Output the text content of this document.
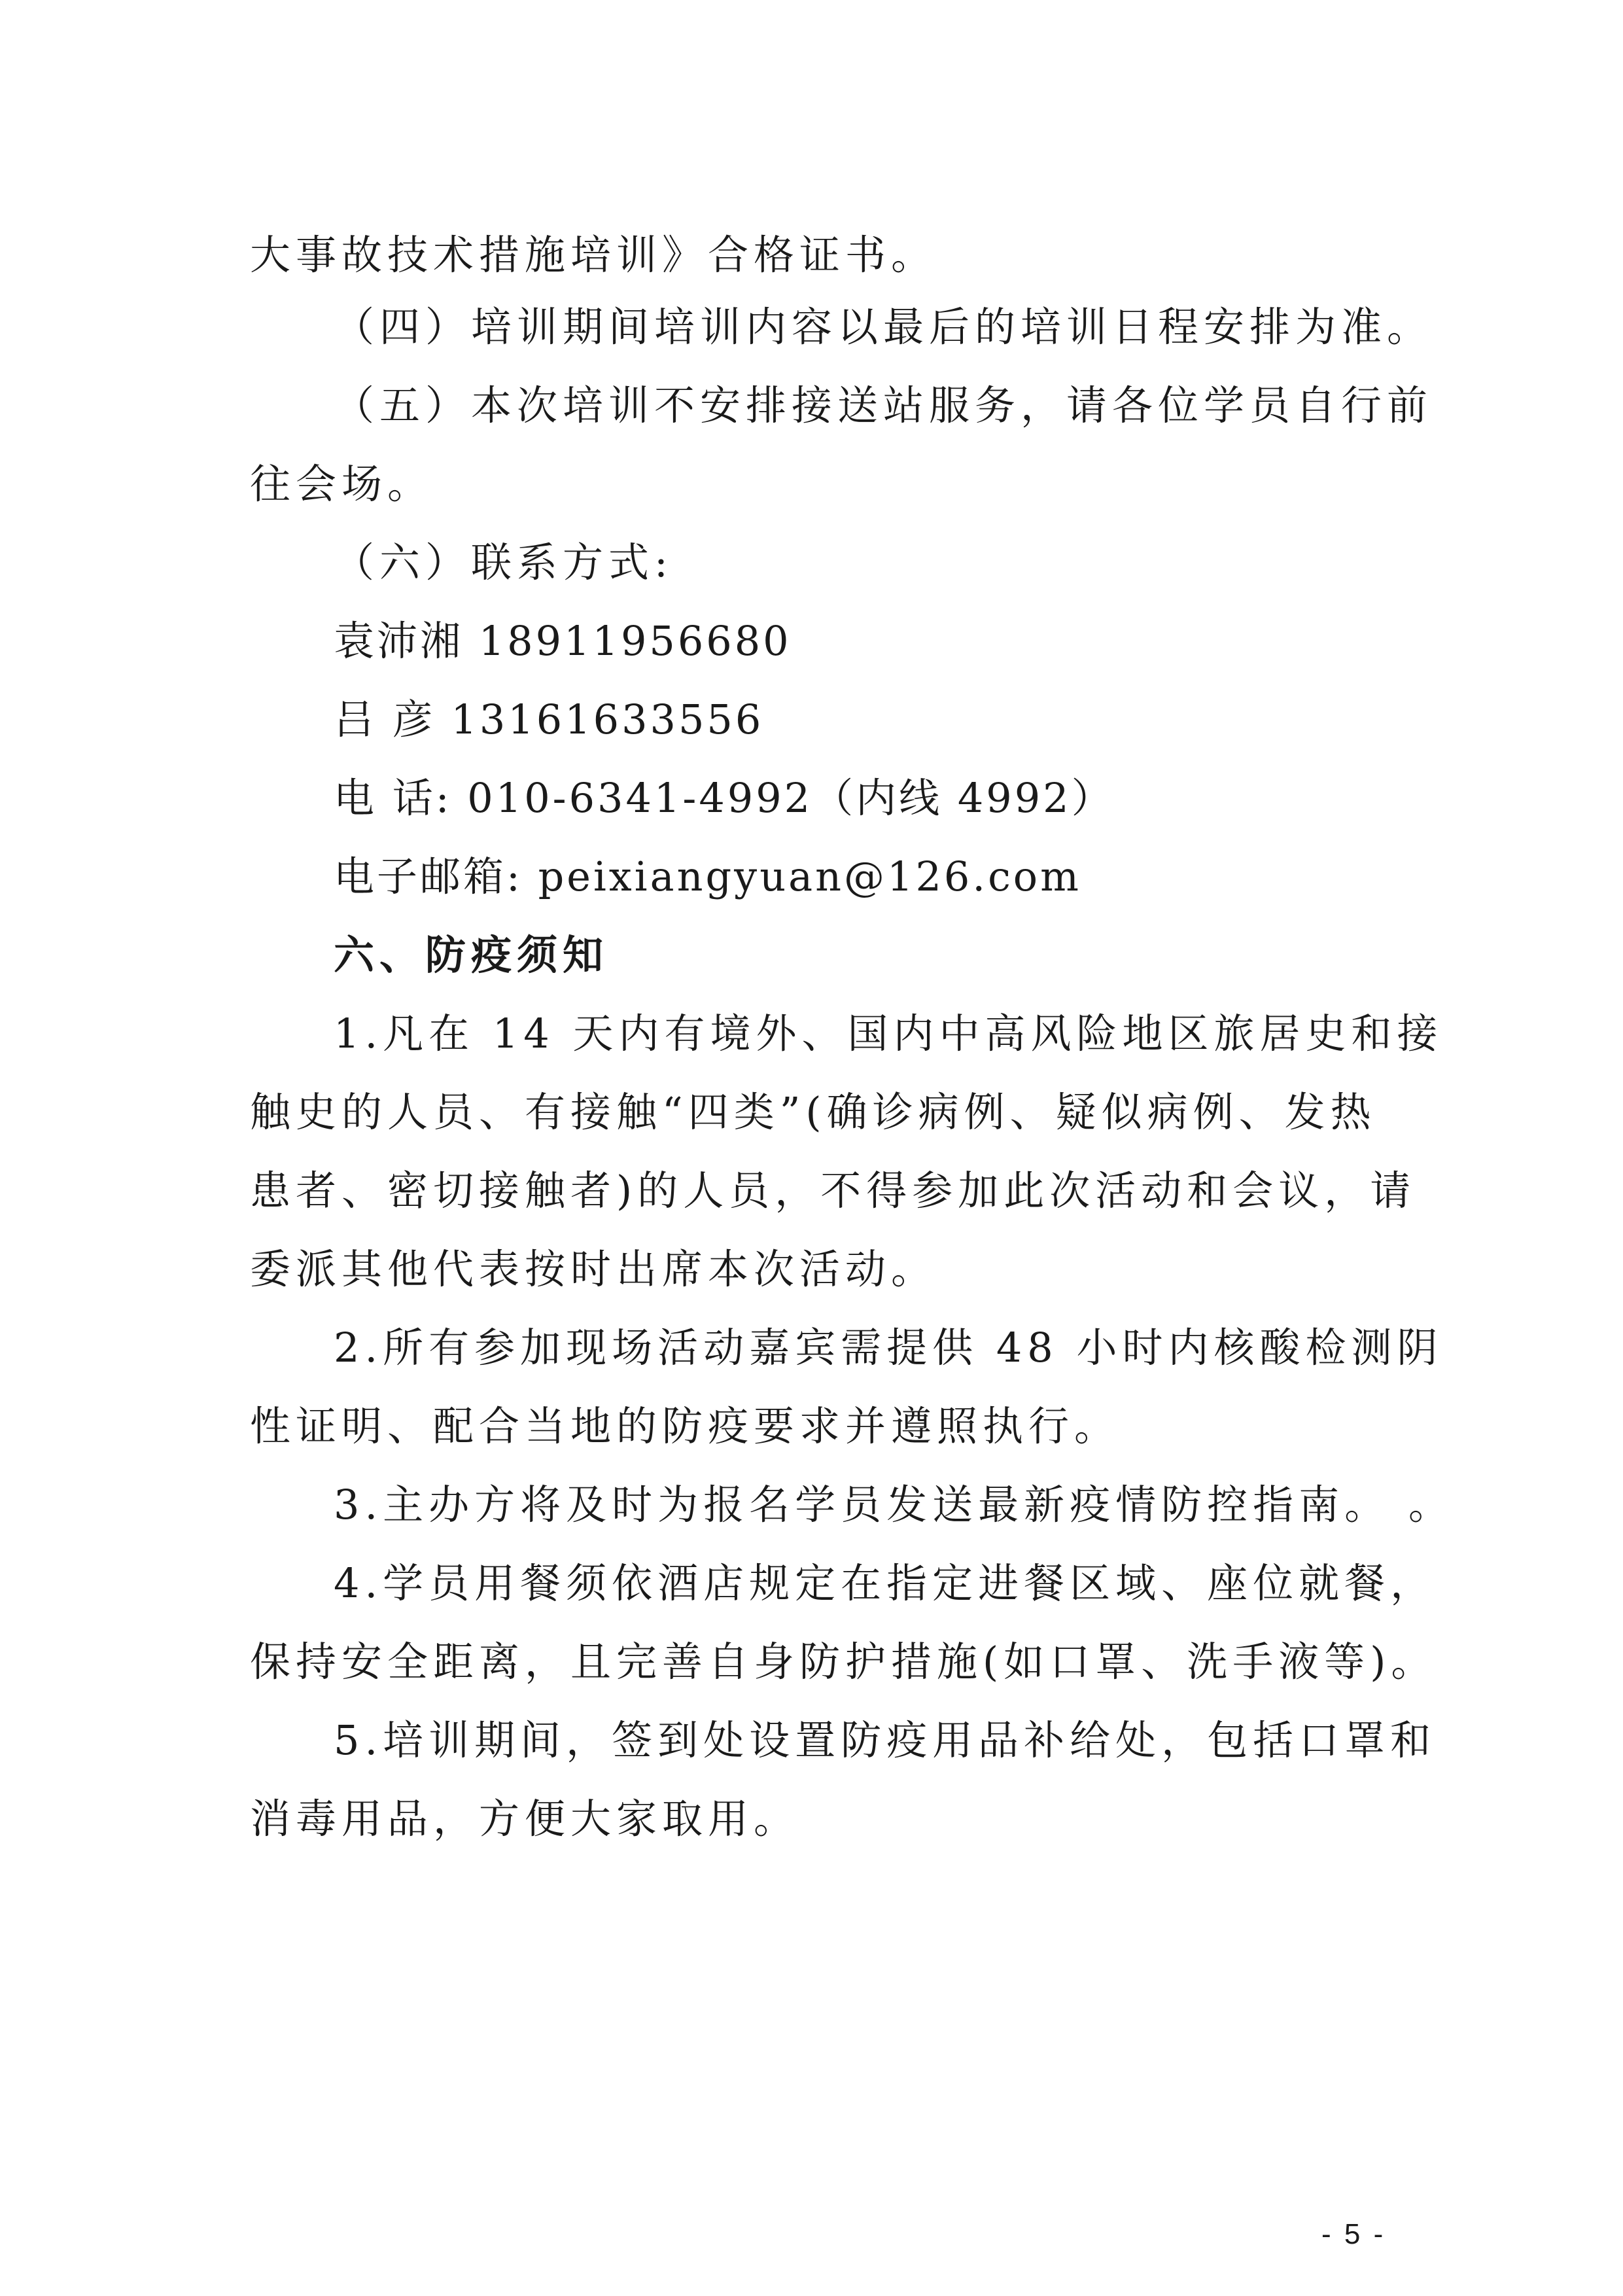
大事故技术措施培训》合格证书。
（四）培训期间培训内容以最后的培训日程安排为准。
（五）本次培训不安排接送站服务，请各位学员自行前
往会场。
（六）联系方式:
袁沛湘 18911956680
吕 彦 13161633556
电 话: 010-6341-4992（内线 4992）
电子邮箱: peixiangyuan@126.com
六、防疫须知
1.凡在 14 天内有境外、国内中高风险地区旅居史和接
触史的人员、有接触“四类”(确诊病例、疑似病例、发热
患者、密切接触者)的人员，不得参加此次活动和会议，请
委派其他代表按时出席本次活动。
2.所有参加现场活动嘉宾需提供 48 小时内核酸检测阴
性证明、配合当地的防疫要求并遵照执行。
3.主办方将及时为报名学员发送最新疫情防控指南。 。
4.学员用餐须依酒店规定在指定进餐区域、座位就餐，
保持安全距离，且完善自身防护措施(如口罩、洗手液等)。
5.培训期间，签到处设置防疫用品补给处，包括口罩和
消毒用品，方便大家取用。
- 5 -
